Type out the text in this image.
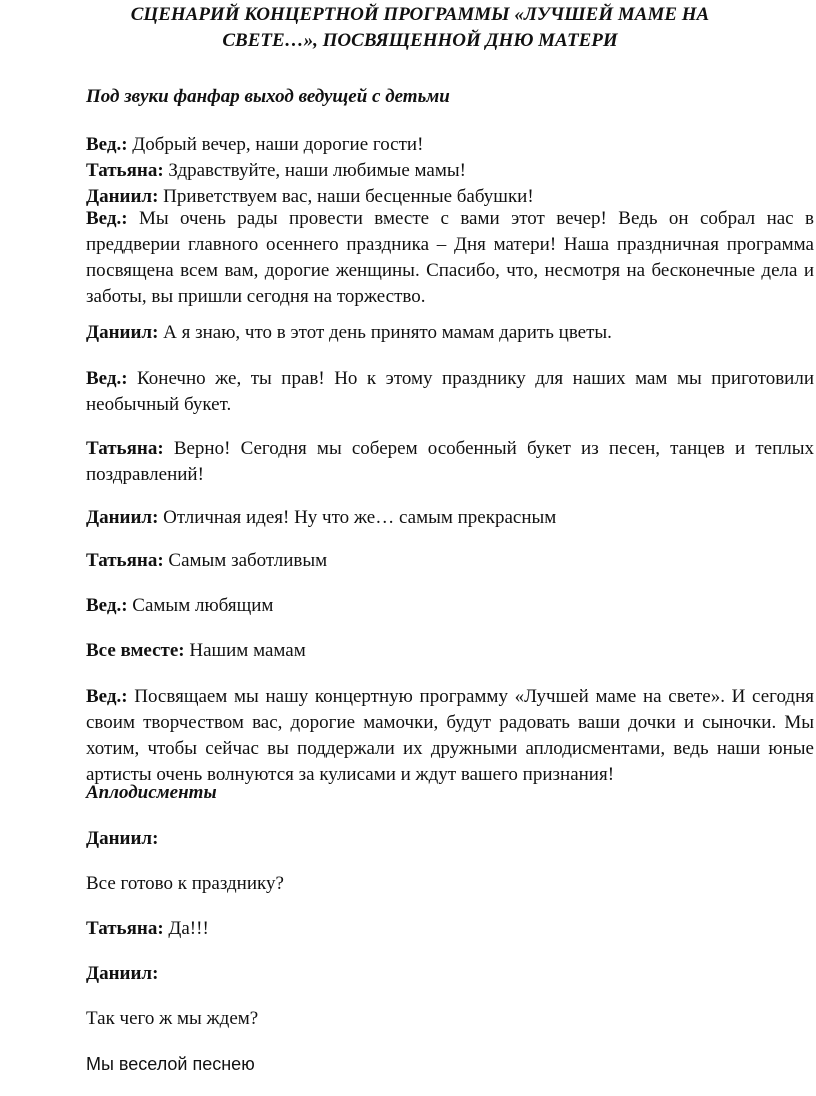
СЦЕНАРИЙ КОНЦЕРТНОЙ ПРОГРАММЫ «ЛУЧШЕЙ МАМЕ НА
СВЕТЕ…», ПОСВЯЩЕННОЙ ДНЮ МАТЕРИ
Под звуки фанфар выход ведущей с детьми
Вед.: Добрый вечер, наши дорогие гости!
Татьяна: Здравствуйте, наши любимые мамы!
Даниил: Приветствуем вас, наши бесценные бабушки!
Вед.: Мы очень рады провести вместе с вами этот вечер! Ведь он собрал нас в преддверии главного осеннего праздника – Дня матери! Наша праздничная программа посвящена всем вам, дорогие женщины. Спасибо, что, несмотря на бесконечные дела и заботы, вы пришли сегодня на торжество.
Даниил: А я знаю, что в этот день принято мамам дарить цветы.
Вед.: Конечно же, ты прав! Но к этому празднику для наших мам мы приготовили необычный букет.
Татьяна: Верно! Сегодня мы соберем особенный букет из песен, танцев и теплых поздравлений!
Даниил: Отличная идея! Ну что же… самым прекрасным
Татьяна: Самым заботливым
Вед.: Самым любящим
Все вместе: Нашим мамам
Вед.: Посвящаем мы нашу концертную программу «Лучшей маме на свете». И сегодня своим творчеством вас, дорогие мамочки, будут радовать ваши дочки и сыночки. Мы хотим, чтобы сейчас вы поддержали их дружными аплодисментами, ведь наши юные артисты очень волнуются за кулисами и ждут вашего признания!
Аплодисменты
Даниил:
Все готово к празднику?
Татьяна: Да!!!
Даниил:
Так чего ж мы ждем?
Мы веселой песнею
